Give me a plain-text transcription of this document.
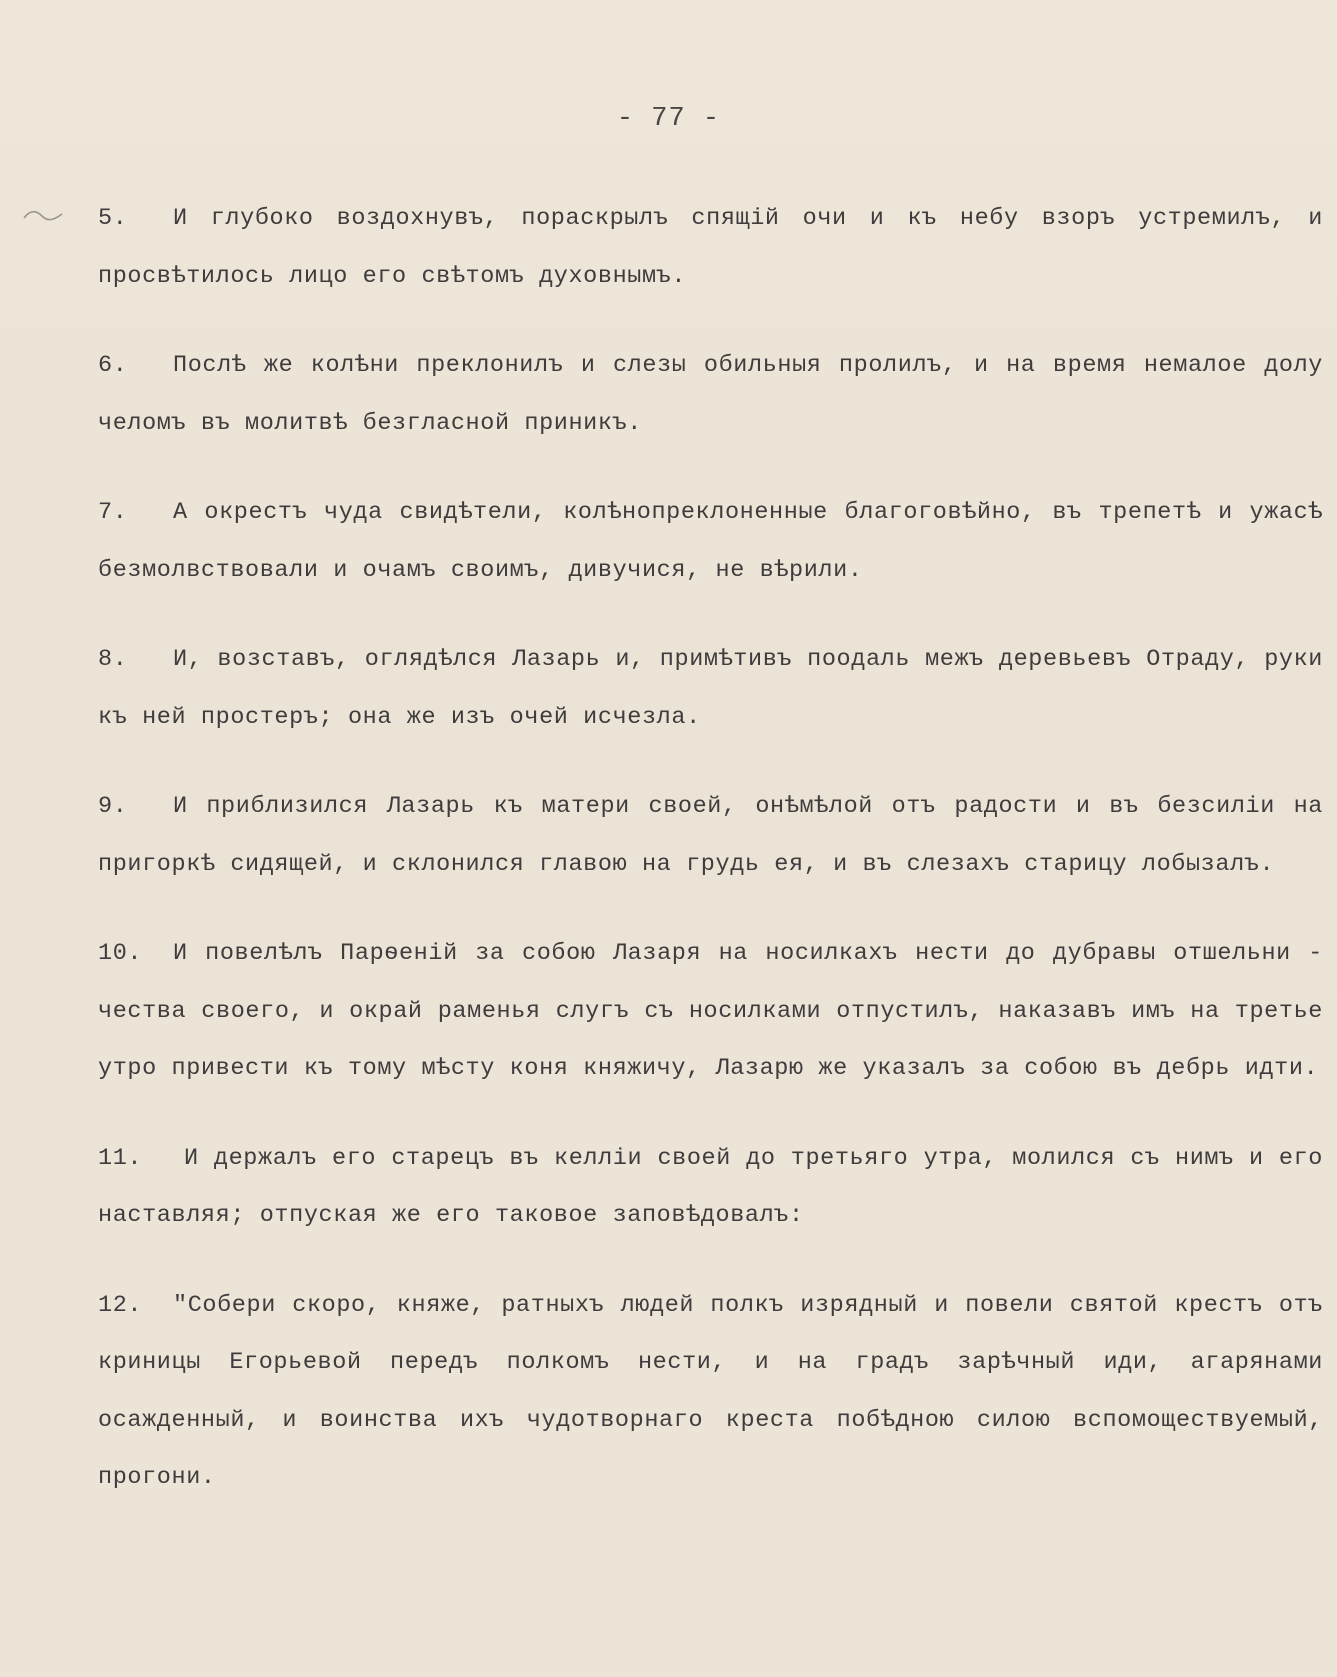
- 77 -

5. И глубоко воздохнувъ, пораскрылъ спящій очи и къ небу взоръ устремилъ, и просвѣтилось лицо его свѣтомъ духовнымъ.

6. Послѣ же колѣни преклонилъ и слезы обильныя пролилъ, и на время немалое долу челомъ въ молитвѣ безгласной приникъ.

7. А окрестъ чуда свидѣтели, колѣнопреклоненные благоговѣйно, въ трепетѣ и ужасѣ безмолвствовали и очамъ своимъ, дивучися, не вѣрили.

8. И, возставъ, оглядѣлся Лазарь и, примѣтивъ поодаль межъ деревьевъ Отраду, руки къ ней простеръ; она же изъ очей исчезла.

9. И приблизился Лазарь къ матери своей, онѣмѣлой отъ радости и въ безсиліи на пригоркѣ сидящей, и склонился главою на грудь ея, и въ слезахъ старицу лобызалъ.

10. И повелѣлъ Парѳеній за собою Лазаря на носилкахъ нести до дубравы отшельни - чества своего, и окрай раменья слугъ съ носилками отпустилъ, наказавъ имъ на третье утро привести къ тому мѣсту коня княжичу, Лазарю же указалъ за собою въ дебрь идти.

11. И держалъ его старецъ въ келліи своей до третьяго утра, молился съ нимъ и его наставляя; отпуская же его таковое заповѣдовалъ:

12. "Собери скоро, княже, ратныхъ людей полкъ изрядный и повели святой крестъ отъ криницы Егорьевой передъ полкомъ нести, и на градъ зарѣчный иди, агарянами осажденный, и воинства ихъ чудотворнаго креста побѣдною силою вспомоществуемый, прогони.
